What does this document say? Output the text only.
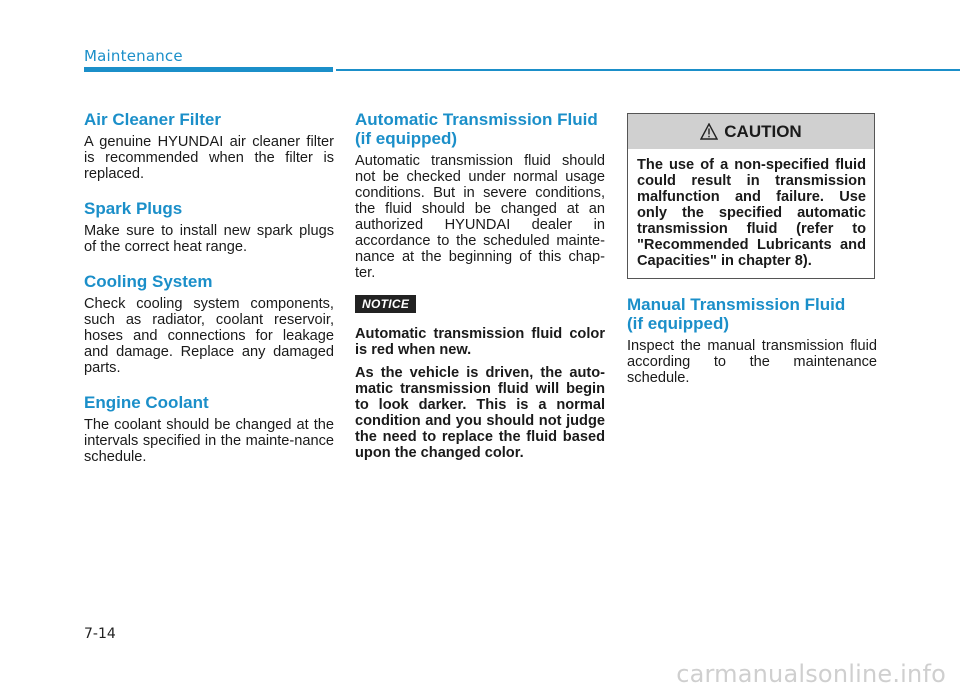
Maintenance
Air Cleaner Filter

A genuine HYUNDAI air cleaner filter is recommended when the filter is replaced.

Spark Plugs

Make sure to install new spark plugs of the correct heat range.

Cooling System

Check cooling system components, such as radiator, coolant reservoir, hoses and connections for leakage and damage. Replace any damaged parts.

Engine Coolant

The coolant should be changed at the intervals specified in the mainte-nance schedule.

Automatic Transmission Fluid
(if equipped)

Automatic transmission fluid should not be checked under normal usage conditions. But in severe conditions, the fluid should be changed at an authorized HYUNDAI dealer in accordance to the scheduled mainte-nance at the beginning of this chap-ter.

NOTICE

Automatic transmission fluid color is red when new.

As the vehicle is driven, the auto-matic transmission fluid will begin to look darker. This is a normal condition and you should not judge the need to replace the fluid based upon the changed color.

CAUTION
The use of a non-specified fluid could result in transmission malfunction and failure. Use only the specified automatic transmission fluid (refer to "Recommended Lubricants and Capacities" in chapter 8).
Manual Transmission Fluid
(if equipped)

Inspect the manual transmission fluid according to the maintenance schedule.

7-14
carmanualsonline.info
